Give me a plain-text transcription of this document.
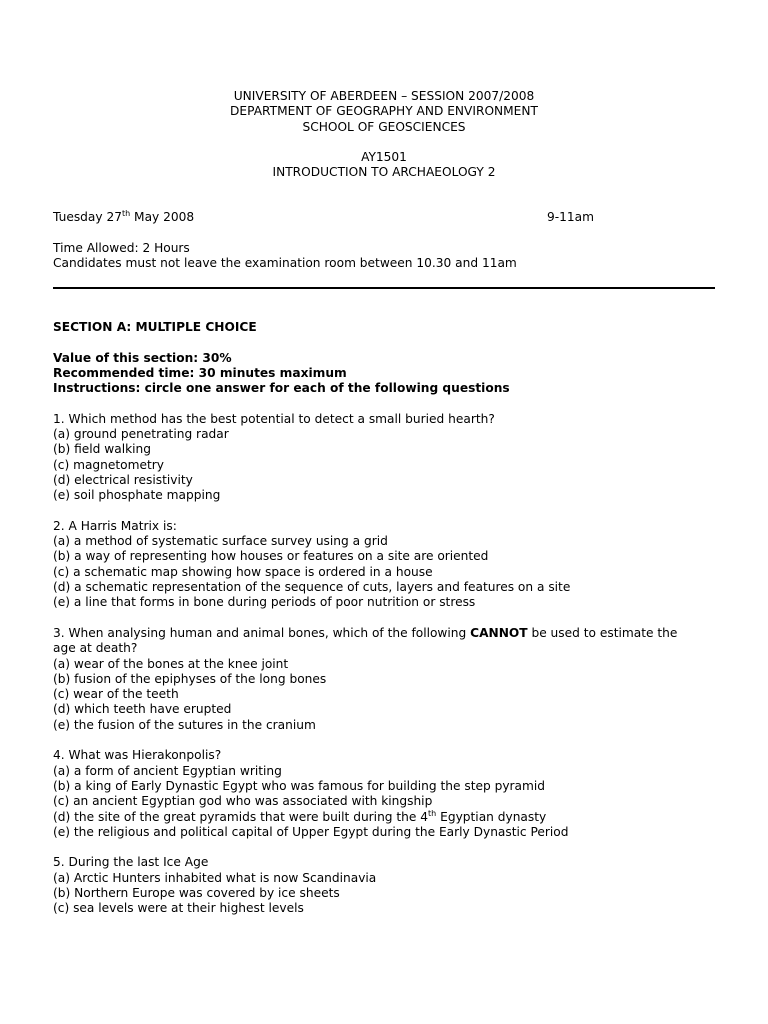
UNIVERSITY OF ABERDEEN – SESSION 2007/2008
DEPARTMENT OF GEOGRAPHY AND ENVIRONMENT
SCHOOL OF GEOSCIENCES
AY1501
INTRODUCTION TO ARCHAEOLOGY 2
Tuesday 27th May 2008	9-11am
Time Allowed: 2 Hours
Candidates must not leave the examination room between 10.30 and 11am
SECTION A: MULTIPLE CHOICE
Value of this section: 30%
Recommended time: 30 minutes maximum
Instructions: circle one answer for each of the following questions
1. Which method has the best potential to detect a small buried hearth?
(a) ground penetrating radar
(b) field walking
(c) magnetometry
(d) electrical resistivity
(e) soil phosphate mapping
2. A Harris Matrix is:
(a) a method of systematic surface survey using a grid
(b) a way of representing how houses or features on a site are oriented
(c) a schematic map showing how space is ordered in a house
(d) a schematic representation of the sequence of cuts, layers and features on a site
(e) a line that forms in bone during periods of poor nutrition or stress
3. When analysing human and animal bones, which of the following CANNOT be used to estimate the
age at death?
(a) wear of the bones at the knee joint
(b) fusion of the epiphyses of the long bones
(c) wear of the teeth
(d) which teeth have erupted
(e) the fusion of the sutures in the cranium
4. What was Hierakonpolis?
(a) a form of ancient Egyptian writing
(b) a king of Early Dynastic Egypt who was famous for building the step pyramid
(c) an ancient Egyptian god who was associated with kingship
(d) the site of the great pyramids that were built during the 4th Egyptian dynasty
(e) the religious and political capital of Upper Egypt during the Early Dynastic Period
5. During the last Ice Age
(a) Arctic Hunters inhabited what is now Scandinavia
(b) Northern Europe was covered by ice sheets
(c) sea levels were at their highest levels
